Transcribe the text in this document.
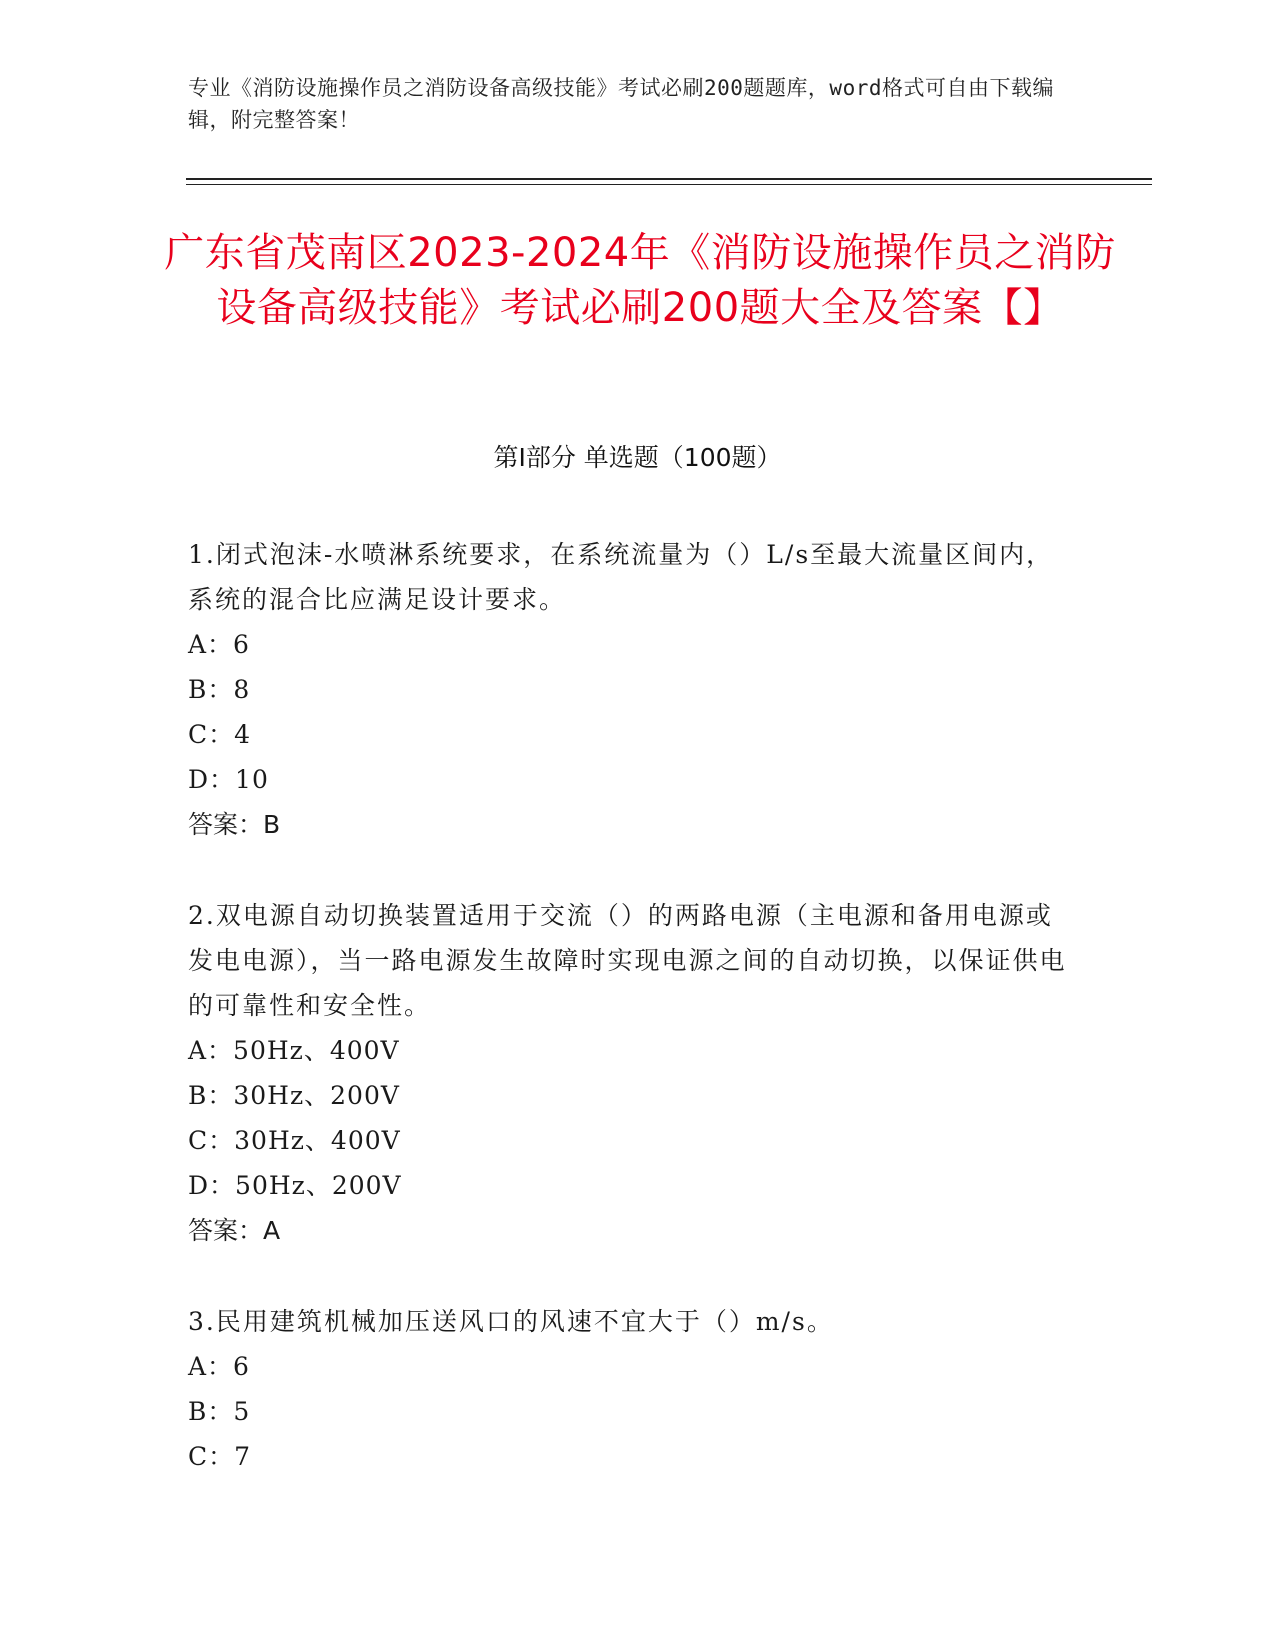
专业《消防设施操作员之消防设备高级技能》考试必刷200题题库，word格式可自由下载编辑，附完整答案！
广东省茂南区2023-2024年《消防设施操作员之消防设备高级技能》考试必刷200题大全及答案【】
第I部分 单选题（100题）
1.闭式泡沫-水喷淋系统要求，在系统流量为（）L/s至最大流量区间内，系统的混合比应满足设计要求。
A：6
B：8
C：4
D：10
答案：B
2.双电源自动切换装置适用于交流（）的两路电源（主电源和备用电源或发电电源），当一路电源发生故障时实现电源之间的自动切换，以保证供电的可靠性和安全性。
A：50Hz、400V
B：30Hz、200V
C：30Hz、400V
D：50Hz、200V
答案：A
3.民用建筑机械加压送风口的风速不宜大于（）m/s。
A：6
B：5
C：7
